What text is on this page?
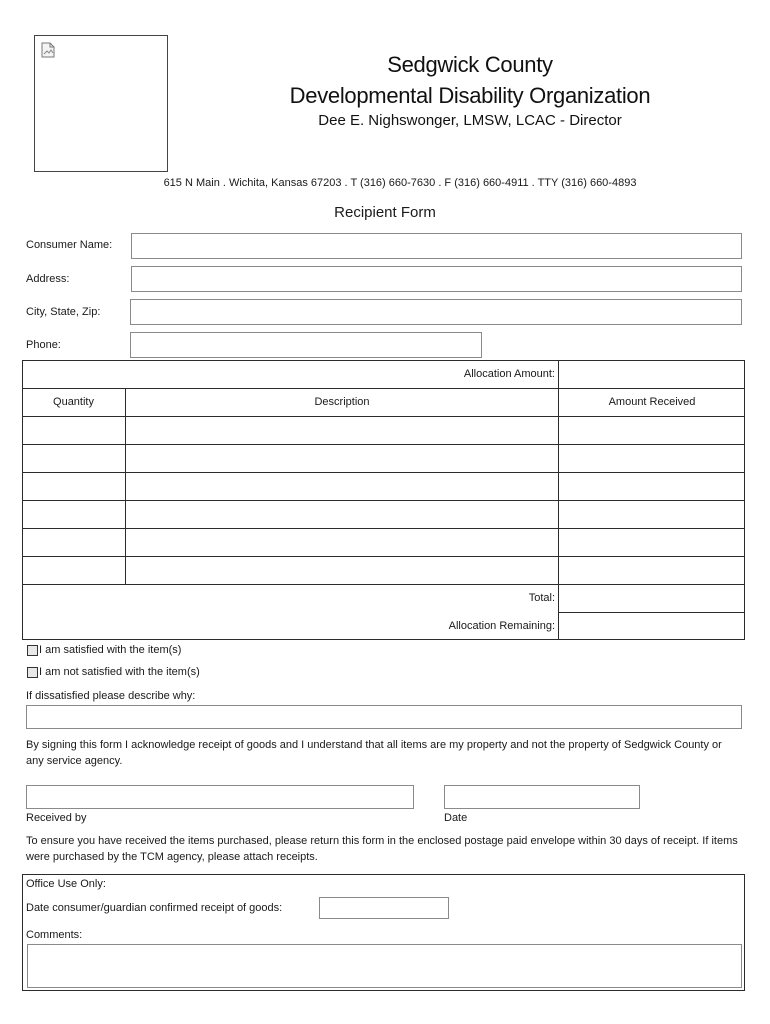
Sedgwick County
Developmental Disability Organization
Dee E. Nighswonger, LMSW, LCAC - Director
615 N Main . Wichita, Kansas 67203 . T (316) 660-7630 . F (316) 660-4911 . TTY (316) 660-4893
Recipient Form
Consumer Name:
Address:
City, State, Zip:
Phone:
Allocation Amount:
Quantity	Description	Amount Received
Total:
Allocation Remaining:
I am satisfied with the item(s)
I am not satisfied with the item(s)
If dissatisfied please describe why:
By signing this form I acknowledge receipt of goods and I understand that all items are my property and not the property of Sedgwick County or any service agency.
Received by	Date
To ensure you have received the items purchased, please return this form in the enclosed postage paid envelope within 30 days of receipt. If items were purchased by the TCM agency, please attach receipts.
Office Use Only:
Date consumer/guardian confirmed receipt of goods:
Comments:
